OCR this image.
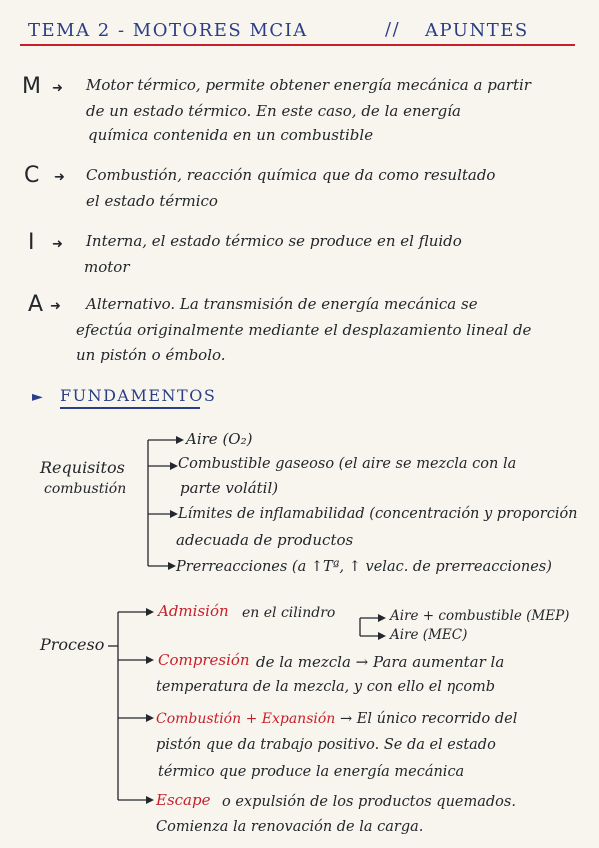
TEMA 2 - MOTORES MCIA	// APUNTES
M ➜ Motor térmico, permite obtener energía mecánica a partir
de un estado térmico. En este caso, de la energía
química contenida en un combustible
C ➜ Combustión, reacción química que da como resultado
el estado térmico
I ➜ Interna, el estado térmico se produce en el fluido
motor
A ➜ Alternativo. La transmisión de energía mecánica se
efectúa originalmente mediante el desplazamiento lineal de
un pistón o émbolo.
► FUNDAMENTOS
Requisitos
combustión
Aire (O₂)
Combustible gaseoso (el aire se mezcla con la
parte volátil)
Límites de inflamabilidad (concentración y proporción
adecuada de productos
Prerreacciones (a ↑Tª, ↑ velac. de prerreacciones)
Proceso
Admisión en el cilindro	Aire + combustible (MEP)
Aire (MEC)
Compresión de la mezcla → Para aumentar la
temperatura de la mezcla, y con ello el ηcomb
Combustión + Expansión → El único recorrido del
pistón que da trabajo positivo. Se da el estado
térmico que produce la energía mecánica
Escape o expulsión de los productos quemados.
Comienza la renovación de la carga.
